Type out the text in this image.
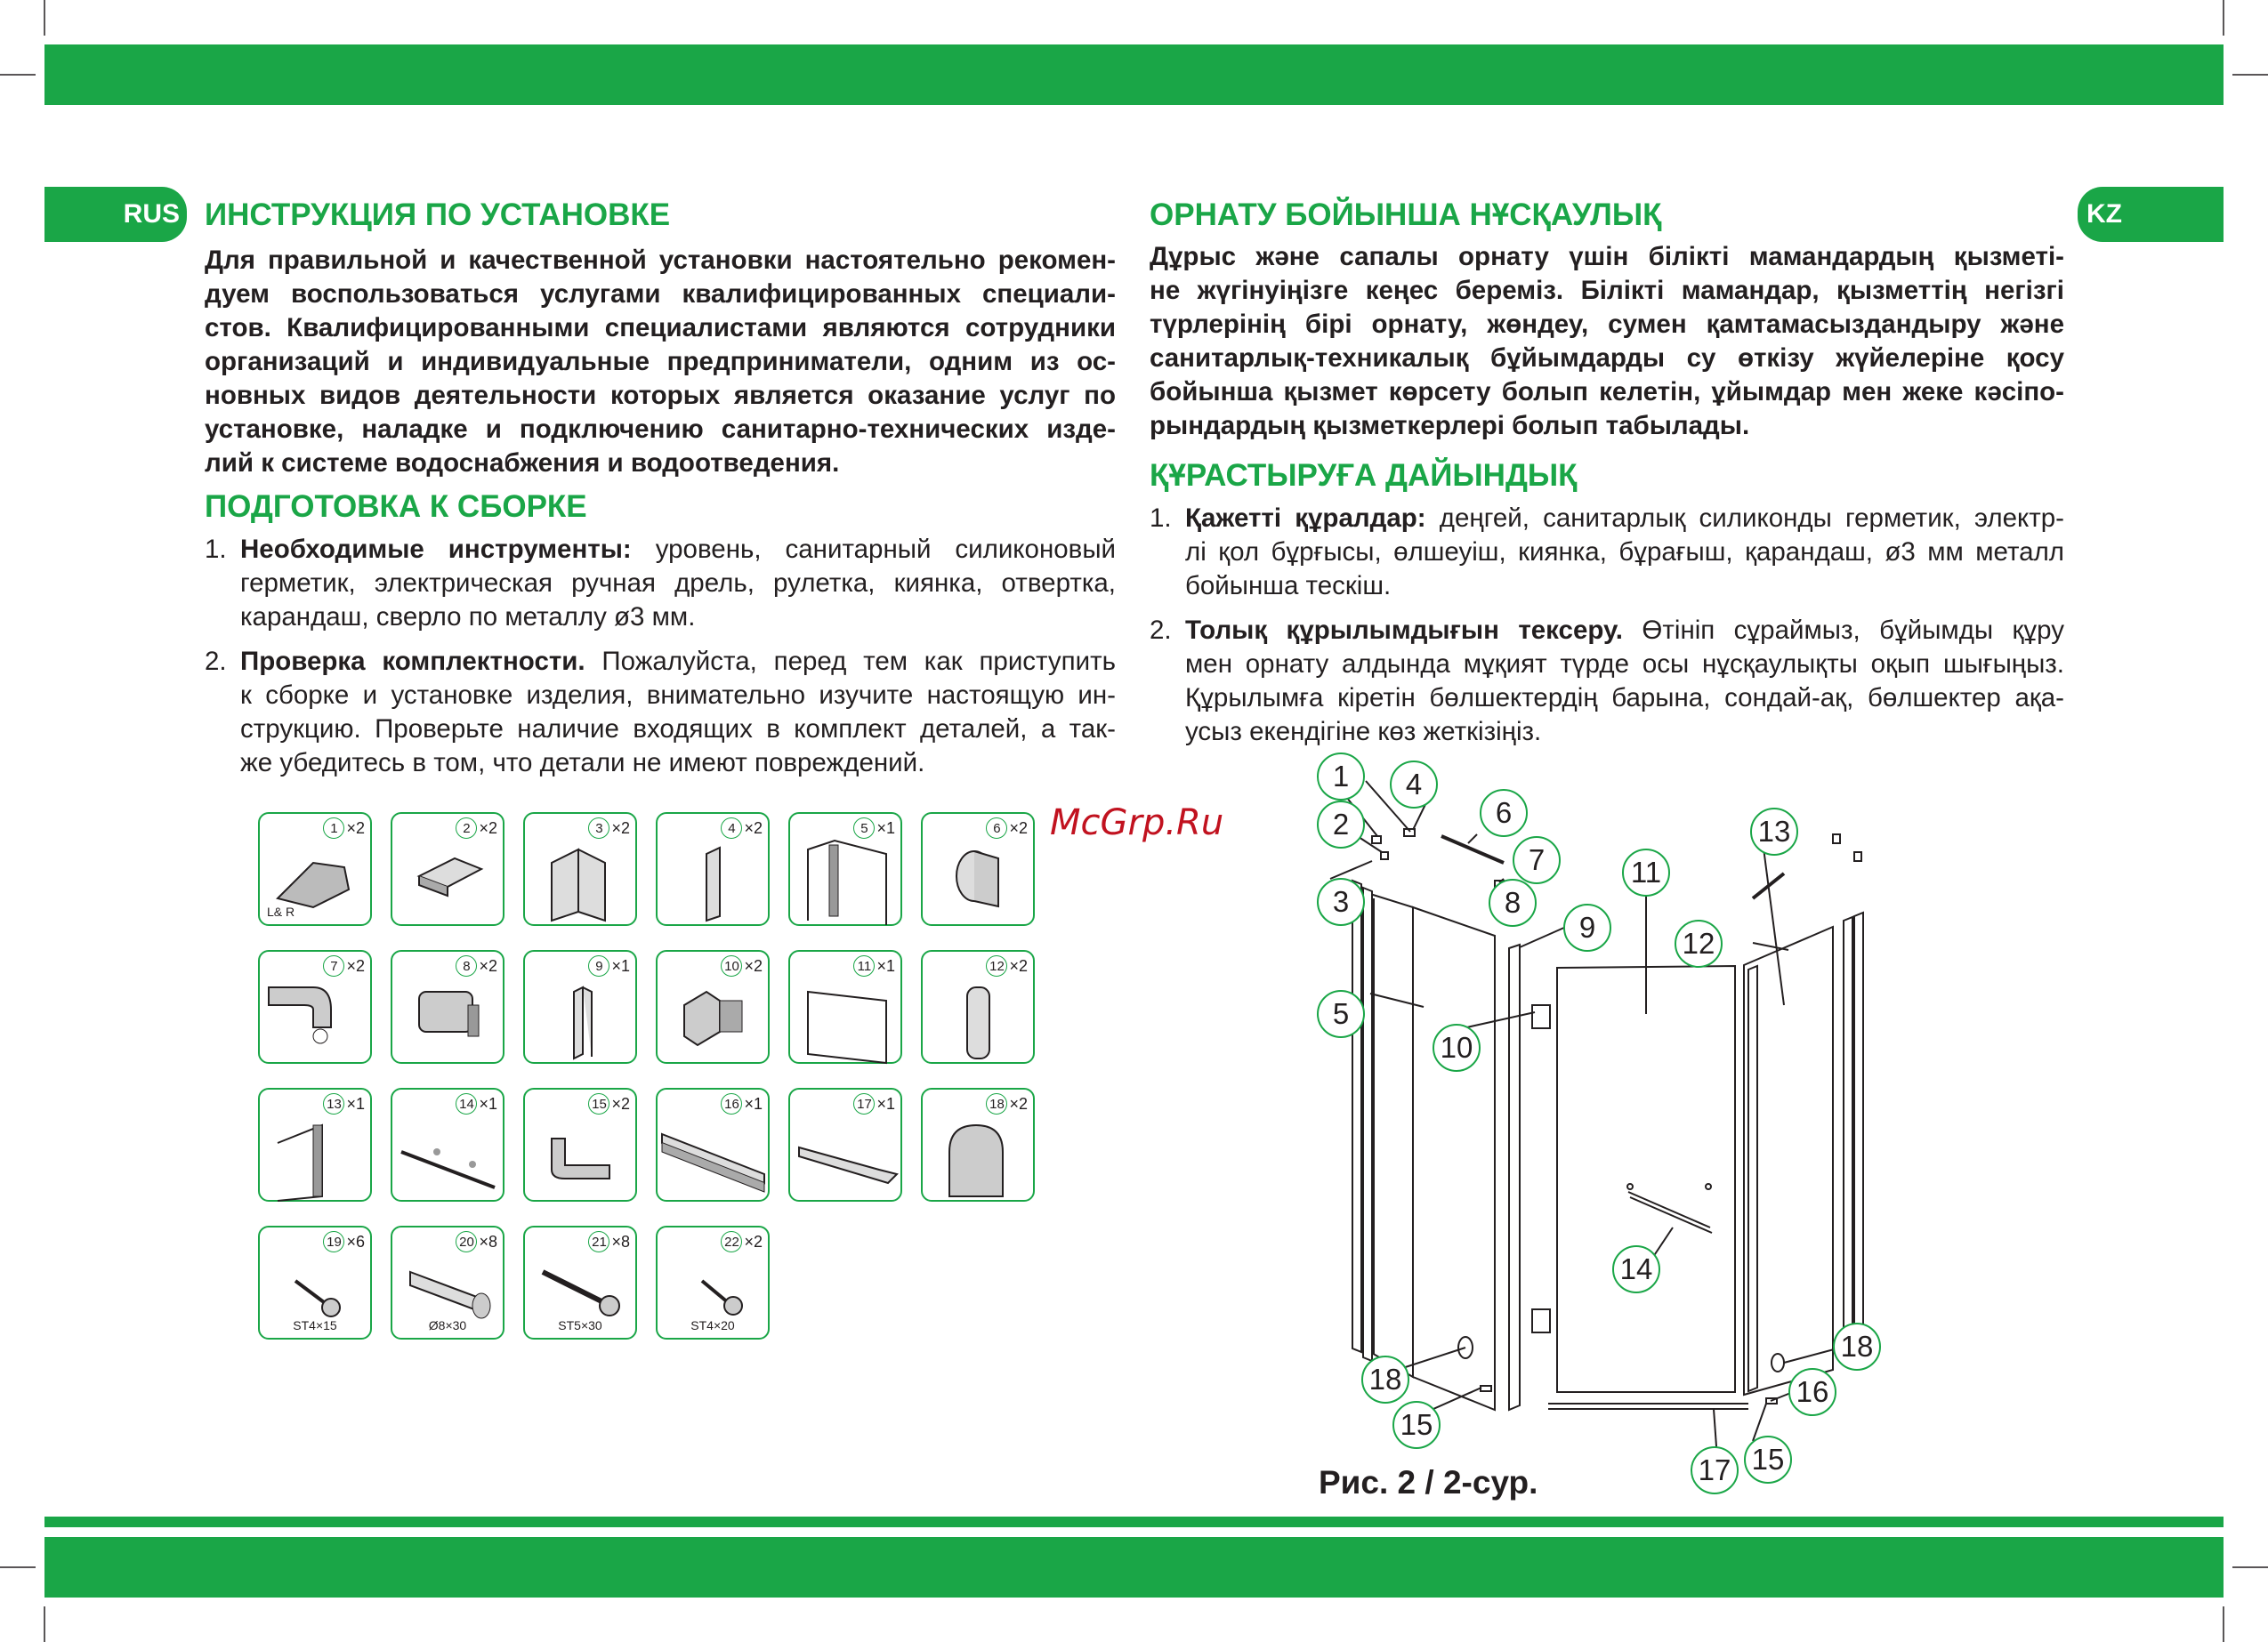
RUS	KZ
ИНСТРУКЦИЯ ПО УСТАНОВКЕ
Для правильной и качественной установки настоятельно рекомен-
дуем воспользоваться услугами квалифицированных специали-
стов. Квалифицированными специалистами являются сотрудники
организаций и индивидуальные предприниматели, одним из ос-
новных видов деятельности которых является оказание услуг по
установке, наладке и подключению санитарно-технических изде-
лий к системе водоснабжения и водоотведения.
ПОДГОТОВКА К СБОРКЕ
1. Необходимые инструменты: уровень, санитарный силиконовый
герметик, электрическая ручная дрель, рулетка, киянка, отвертка,
карандаш, сверло по металлу ø3 мм.
2. Проверка комплектности. Пожалуйста, перед тем как приступить
к сборке и установке изделия, внимательно изучите настоящую ин-
струкцию. Проверьте наличие входящих в комплект деталей, а так-
же убедитесь в том, что детали не имеют повреждений.
ОРНАТУ БОЙЫНША НҰСҚАУЛЫҚ
Дұрыс және сапалы орнату үшін білікті мамандардың қызметі-
не жүгінуіңізге кеңес береміз. Білікті мамандар, қызметтің негізгі
түрлерінің бірі орнату, жөндеу, сумен қамтамасыздандыру және
санитарлық-техникалық бұйымдарды су өткізу жүйелеріне қосу
бойынша қызмет көрсету болып келетін, ұйымдар мен жеке кәсіпо-
рындардың қызметкерлері болып табылады.
ҚҰРАСТЫРУҒА ДАЙЫНДЫҚ
1. Қажетті құралдар: деңгей, санитарлық силиконды герметик, электр-
лі қол бұрғысы, өлшеуіш, киянка, бұрағыш, қарандаш, ø3 мм металл
бойынша тескіш.
2. Толық құрылымдығын тексеру. Өтініп сұраймыз, бұйымды құру
мен орнату алдында мұқият түрде осы нұсқаулықты оқып шығыңыз.
Құрылымға кіретін бөлшектердің барына, сондай-ақ, бөлшектер ақа-
усыз екендігіне көз жеткізіңіз.
McGrp.Ru
1 ×2
L& R
2 ×2	3 ×2	4 ×2	5 ×1	6 ×2
7 ×2	8 ×2	9 ×1	10 ×2	11 ×1	12 ×2
13 ×1	14 ×1	15 ×2	16 ×1	17 ×1	18 ×2
19 ×6
ST4×15
20 ×8
Ø8×30
21 ×8
ST5×30
22 ×2
ST4×20
1
2
3
4
6
7
8
9
5
10
11
12
13
14
18
15
17 15
16
18
Рис. 2 / 2-сур.
